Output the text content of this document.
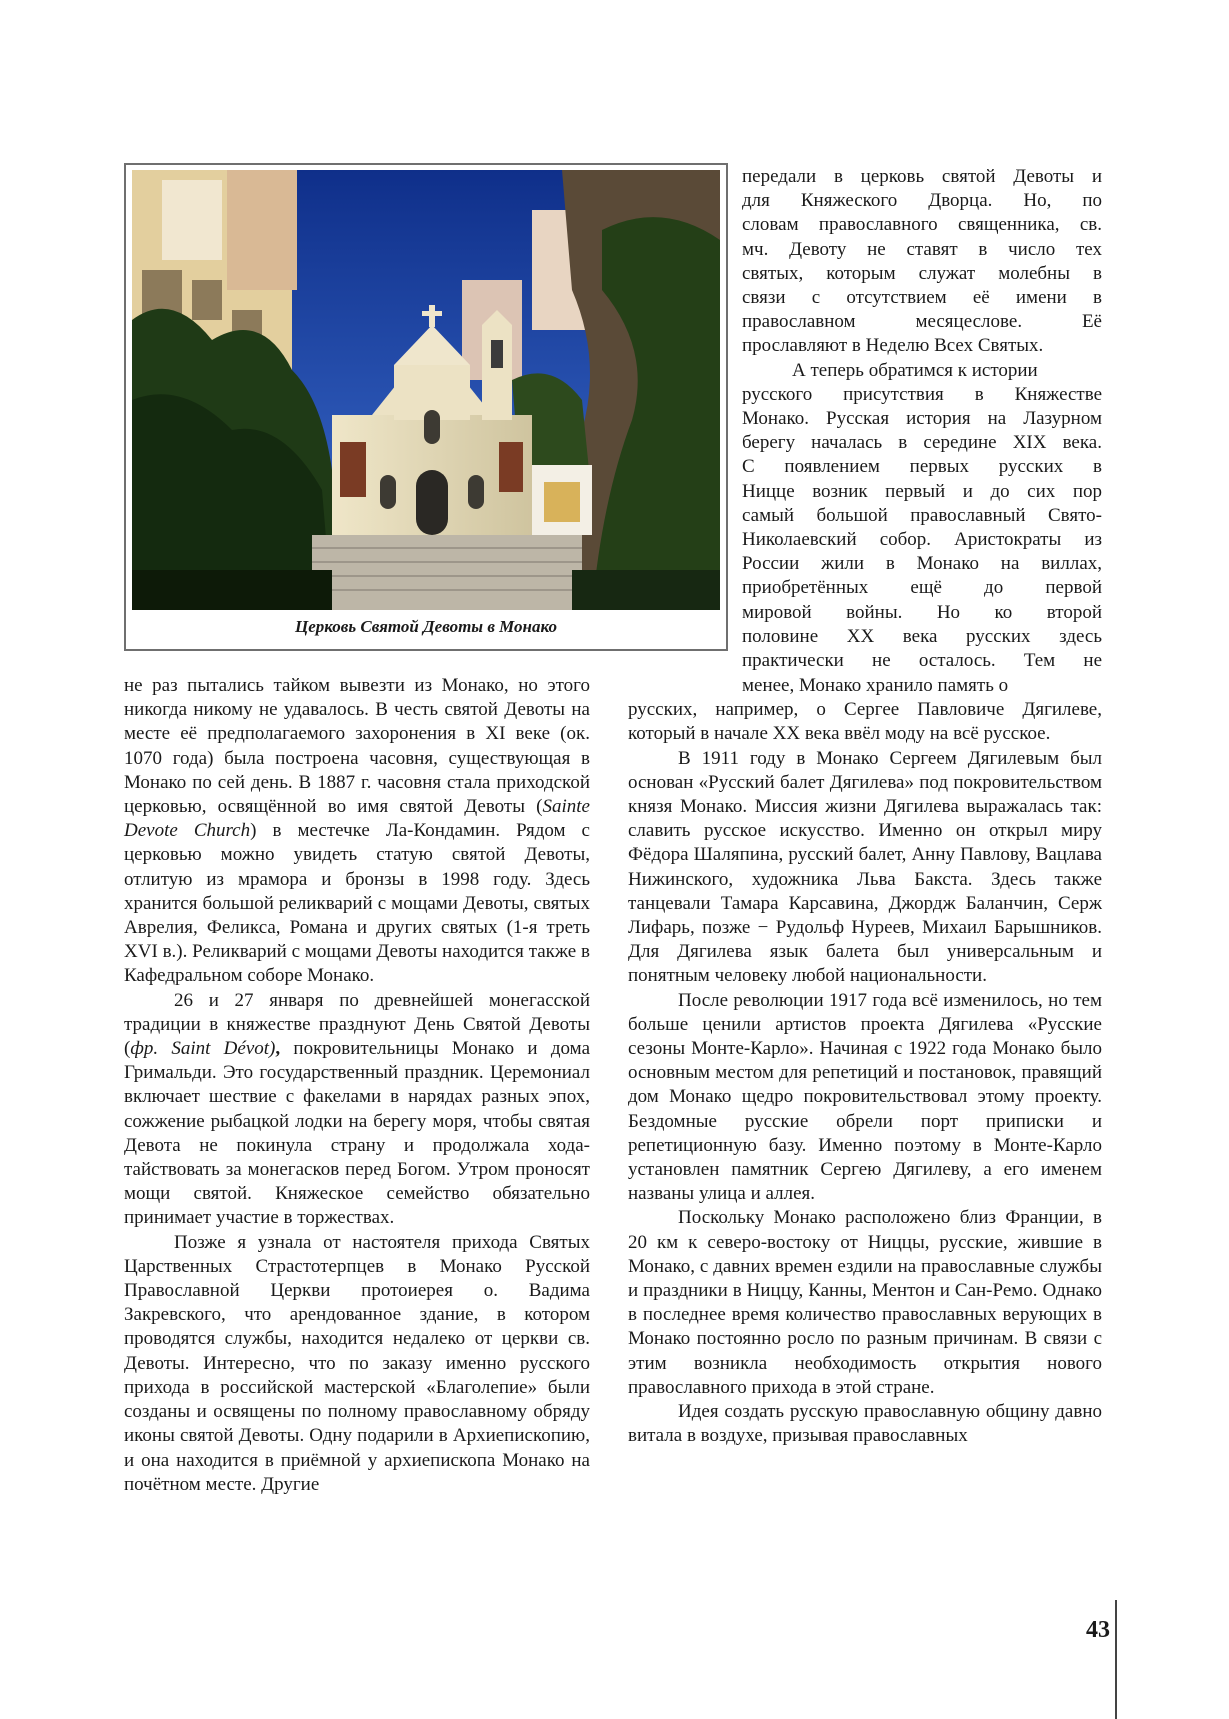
Церковь Святой Девоты в Монако

передали в церковь святой Девоты и

для Княжеского Дворца. Но, по

словам православного священника, св.

мч. Девоту не ставят в число тех

святых, которым служат молебны в

связи с отсутствием её имени в

православном месяцеслове. Её

прославляют в Неделю Всех Святых.

А теперь обратимся к истории

русского присутствия в Княжестве

Монако. Русская история на Лазурном

берегу началась в середине XIX века.

С появлением первых русских в

Ницце возник первый и до сих пор

самый большой православный Свято-

Николаевский собор. Аристократы из

России жили в Монако на виллах,

приобретённых ещё до первой

мировой войны. Но ко второй

половине ХХ века русских здесь

практически не осталось. Тем не

не раз пытались тайком вывезти из Монако, но этого никогда никому не удавалось. В честь святой Девоты на месте её предполагаемого захоронения в XI веке (ок. 1070 года) была построена часовня, существующая в Монако по сей день. В 1887 г. часовня стала приходской церковью, освящённой во имя святой Девоты (Sainte Devote Church) в местечке Ла-Кондамин. Рядом с церковью можно увидеть статую святой Девоты, отлитую из мрамора и бронзы в 1998 году. Здесь хранится большой реликварий с мощами Девоты, святых Аврелия, Феликса, Романа и других святых (1-я треть XVI в.). Реликварий с мощами Девоты находится также в Кафедральном соборе Монако.

26 и 27 января по древнейшей монегасской традиции в княжестве празднуют День Святой Девоты (фр. Saint Dévot), покровительницы Монако и дома Гримальди. Это государственный праздник. Церемониал включает шествие с факелами в нарядах разных эпох, сожжение рыбацкой лодки на берегу моря, чтобы святая Девота не покинула страну и продолжала хода-тайствовать за монегасков перед Богом. Утром проносят мощи святой. Княжеское семейство обязательно принимает участие в торжествах.

Позже я узнала от настоятеля прихода Святых Царственных Страстотерпцев в Монако Русской Православной Церкви протоиерея о. Вадима Закревского, что арендованное здание, в котором проводятся службы, находится недалеко от церкви св. Девоты. Интересно, что по заказу именно русского прихода в российской мастерской «Благолепие» были созданы и освящены по полному православному обряду иконы святой Девоты. Одну подарили в Архиепископию, и она находится в приёмной у архиепископа Монако на почётном месте. Другие

менее, Монако хранило память о

русских, например, о Сергее Павловиче Дягилеве, который в начале ХХ века ввёл моду на всё русское.

В 1911 году в Монако Сергеем Дягилевым был основан «Русский балет Дягилева» под покровительством князя Монако. Миссия жизни Дягилева выражалась так: славить русское искусство. Именно он открыл миру Фёдора Шаляпина, русский балет, Анну Павлову, Вацлава Нижинского, художника Льва Бакста. Здесь также танцевали Тамара Карсавина, Джордж Баланчин, Серж Лифарь, позже − Рудольф Нуреев, Михаил Барышников. Для Дягилева язык балета был универсальным и понятным человеку любой национальности.

После революции 1917 года всё изменилось, но тем больше ценили артистов проекта Дягилева «Русские сезоны Монте-Карло». Начиная с 1922 года Монако было основным местом для репетиций и постановок, правящий дом Монако щедро покровительствовал этому проекту. Бездомные русские обрели порт приписки и репетиционную базу. Именно поэтому в Монте-Карло установлен памятник Сергею Дягилеву, а его именем названы улица и аллея.

Поскольку Монако расположено близ Франции, в 20 км к северо-востоку от Ниццы, русские, жившие в Монако, с давних времен ездили на православные службы и праздники в Ниццу, Канны, Ментон и Сан-Ремо. Однако в последнее время количество православных верующих в Монако постоянно росло по разным причинам. В связи с этим возникла необходимость открытия нового православного прихода в этой стране.

Идея создать русскую православную общину давно витала в воздухе, призывая православных

43
